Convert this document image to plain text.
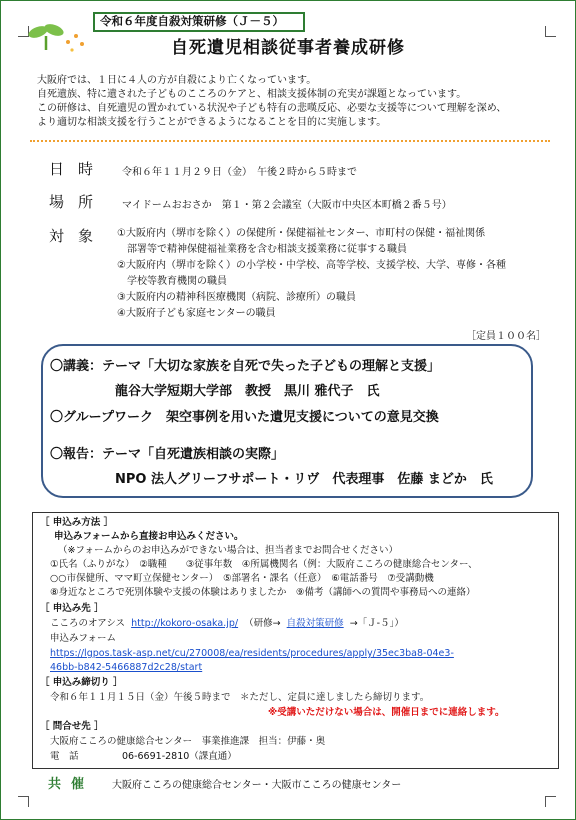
令和６年度自殺対策研修（Ｊ－５）
自死遺児相談従事者養成研修
大阪府では、１日に４人の方が自殺により亡くなっています。
自死遺族、特に遺された子どものこころのケアと、相談支援体制の充実が課題となっています。
この研修は、自死遺児の置かれている状況や子ども特有の悲嘆反応、必要な支援等について理解を深め、
より適切な相談支援を行うことができるようになることを目的に実施します。
日時 令和６年１１月２９日（金）　午後２時から５時まで
場所 マイドームおおさか　第１・第２会議室（大阪市中央区本町橋２番５号）
対象 ①大阪府内（堺市を除く）の保健所・保健福祉センター、市町村の保健・福祉関係
　部署等で精神保健福祉業務を含む相談支援業務に従事する職員
②大阪府内（堺市を除く）の小学校・中学校、高等学校、支援学校、大学、専修・各種
　学校等教育機関の職員
③大阪府内の精神科医療機関（病院、診療所）の職員
④大阪府子ども家庭センターの職員
［定員１００名］
〇講義：テーマ「大切な家族を自死で失った子どもの理解と支援」
龍谷大学短期大学部　教授　黒川 雅代子　氏
〇グループワーク　架空事例を用いた遺児支援についての意見交換
〇報告：テーマ「自死遺族相談の実際」
NPO 法人グリーフサポート・リヴ　代表理事　佐藤 まどか　氏
［ 申込み方法 ］
申込みフォームから直接お申込みください。
（※フォームからのお申込みができない場合は、担当者までお問合せください）
①氏名（ふりがな）　②職種　　③従事年数　④所属機関名（例：大阪府こころの健康総合センター、
○○市保健所、ママ町立保健センター）　⑤部署名・課名（任意）　⑥電話番号　⑦受講動機
⑧身近なところで死別体験や支援の体験はありましたか　⑨備考（講師への質問や事務局への連絡）
［ 申込み先 ］
こころのオアシス http://kokoro-osaka.jp/ （研修→ 自殺対策研修 →「Ｊ-５」）
申込みフォーム
https://lgpos.task-asp.net/cu/270008/ea/residents/procedures/apply/35ec3ba8-04e3-
46bb-b842-5466887d2c28/start
［ 申込み締切り ］
令和６年１１月１５日（金）午後５時まで　＊ただし、定員に達しましたら締切ります。
※受講いただけない場合は、開催日までに連絡します。
［ 問合せ先 ］
大阪府こころの健康総合センター　事業推進課　担当：伊藤・奥
電　話	06-6691-2810（課直通）
共催 大阪府こころの健康総合センター・大阪市こころの健康センター
